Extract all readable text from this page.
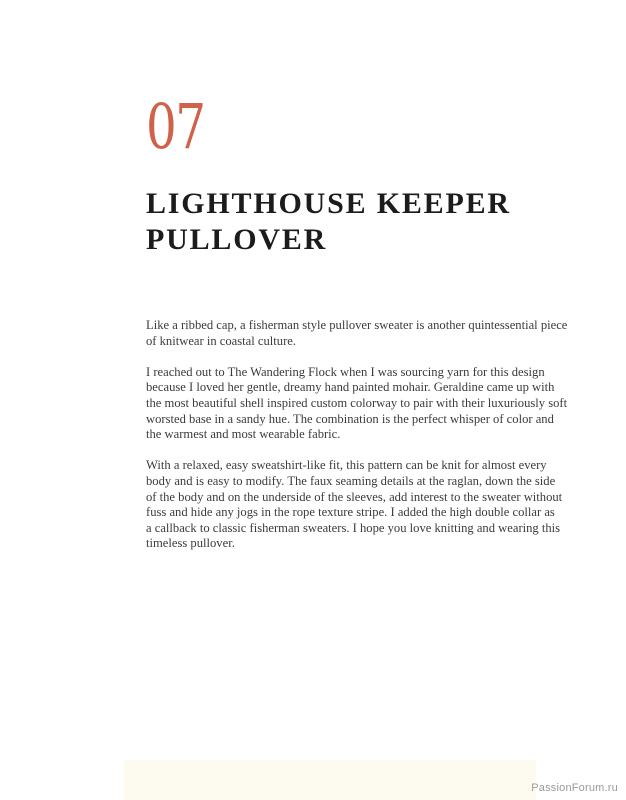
07
LIGHTHOUSE KEEPER
PULLOVER

Like a ribbed cap, a fisherman style pullover sweater is another quintessential piece
of knitwear in coastal culture.

I reached out to The Wandering Flock when I was sourcing yarn for this design
because I loved her gentle, dreamy hand painted mohair. Geraldine came up with
the most beautiful shell inspired custom colorway to pair with their luxuriously soft
worsted base in a sandy hue. The combination is the perfect whisper of color and
the warmest and most wearable fabric.

With a relaxed, easy sweatshirt-like fit, this pattern can be knit for almost every
body and is easy to modify. The faux seaming details at the raglan, down the side
of the body and on the underside of the sleeves, add interest to the sweater without
fuss and hide any jogs in the rope texture stripe. I added the high double collar as
a callback to classic fisherman sweaters. I hope you love knitting and wearing this
timeless pullover.

PassionForum.ru
